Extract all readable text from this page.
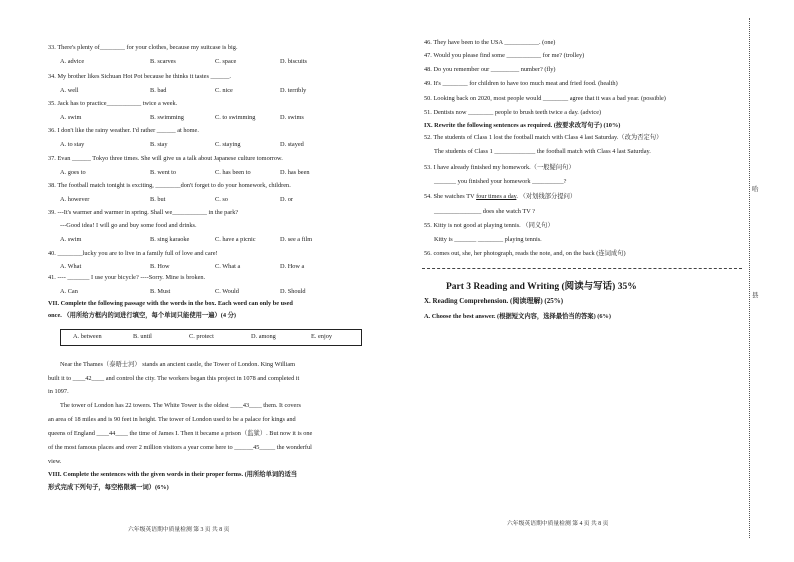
33. There's plenty of________ for your clothes, because my suitcase is big.
A. advice	B. scarves	C. space	D. biscuits
34. My brother likes Sichuan Hot Pot because he thinks it tastes ______.
A. well	B. bad	C. nice	D. terribly
35. Jack has to practice___________ twice a week.
A. swim	B. swimming	C. to swimming	D. swims
36. I don't like the rainy weather. I'd rather ______ at home.
A. to stay	B. stay	C. staying	D. stayed
37. Evan ______ Tokyo three times. She will give us a talk about Japanese culture tomorrow.
A. goes to	B. went to	C. has been to	D. has been
38. The football match tonight is exciting, ________don't forget to do your homework, children.
A. however	B. but	C. so	D. or
39. ---It's warmer and warmer in spring. Shall we___________ in the park?
---Good idea! I will go and buy some food and drinks.
A. swim	B. sing karaoke	C. have a picnic	D. see a film
40. ________lucky you are to live in a family full of love and care!
A. What	B. How	C. What a	D. How a
41. ---- _______ I use your bicycle? ----Sorry. Mine is broken.
A. Can	B. Must	C. Would	D. Should
VII. Complete the following passage with the words in the box. Each word can only be used
once. （用所给方框内的词进行填空，每个单词只能使用一遍）(4 分)
A. between	B. until	C. protect	D. among	E. enjoy
Near the Thames（泰晤士河） stands an ancient castle, the Tower of London. King William
built it to ____42____ and control the city. The workers began this project in 1078 and completed it
in 1097.
The tower of London has 22 towers. The White Tower is the oldest ____43____ them. It covers
an area of 18 miles and is 90 feet in height. The tower of London used to be a palace for kings and
queens of England ____44____ the time of James I. Then it became a prison（监狱）. But now it is one
of the most famous places and over 2 million visitors a year come here to ______45_____ the wonderful
view.
VIII. Complete the sentences with the given words in their proper forms. (用所给单词的适当
形式完成下列句子，每空格限填一词）(6%)
六年级英语期中质量检测 第 3 页 共 8 页
46. They have been to the USA ___________. (one)
47. Would you please find some ___________ for me? (trolley)
48. Do you remember our _________ number? (fly)
49. It's ________ for children to have too much meat and fried food. (health)
50. Looking back on 2020, most people would ________ agree that it was a bad year. (possible)
51. Dentists now ________ people to brush teeth twice a day. (advice)
IX. Rewrite the following sentences as required. (按要求改写句子) (10%)
52. The students of Class 1 lost the football match with Class 4 last Saturday.（改为否定句）
The students of Class 1 _____________ the football match with Class 4 last Saturday.
53. I have already finished my homework.（一般疑问句）
_______ you finished your homework __________?
54. She watches TV four times a day. （对划线部分提问）
_______________ does she watch TV ?
55. Kitty is not good at playing tennis. （同义句）
Kitty is _______ ________ playing tennis.
56. comes out, she, her photograph, reads the note, and, on the back (连词成句)
X. Reading Comprehension. (阅读理解) (25%)
A. Choose the best answer. (根据短文内容，选择最恰当的答案) (6%)
六年级英语期中质量检测 第 4 页 共 8 页
Part 3 Reading and Writing (阅读与写话) 35%
哈
县
